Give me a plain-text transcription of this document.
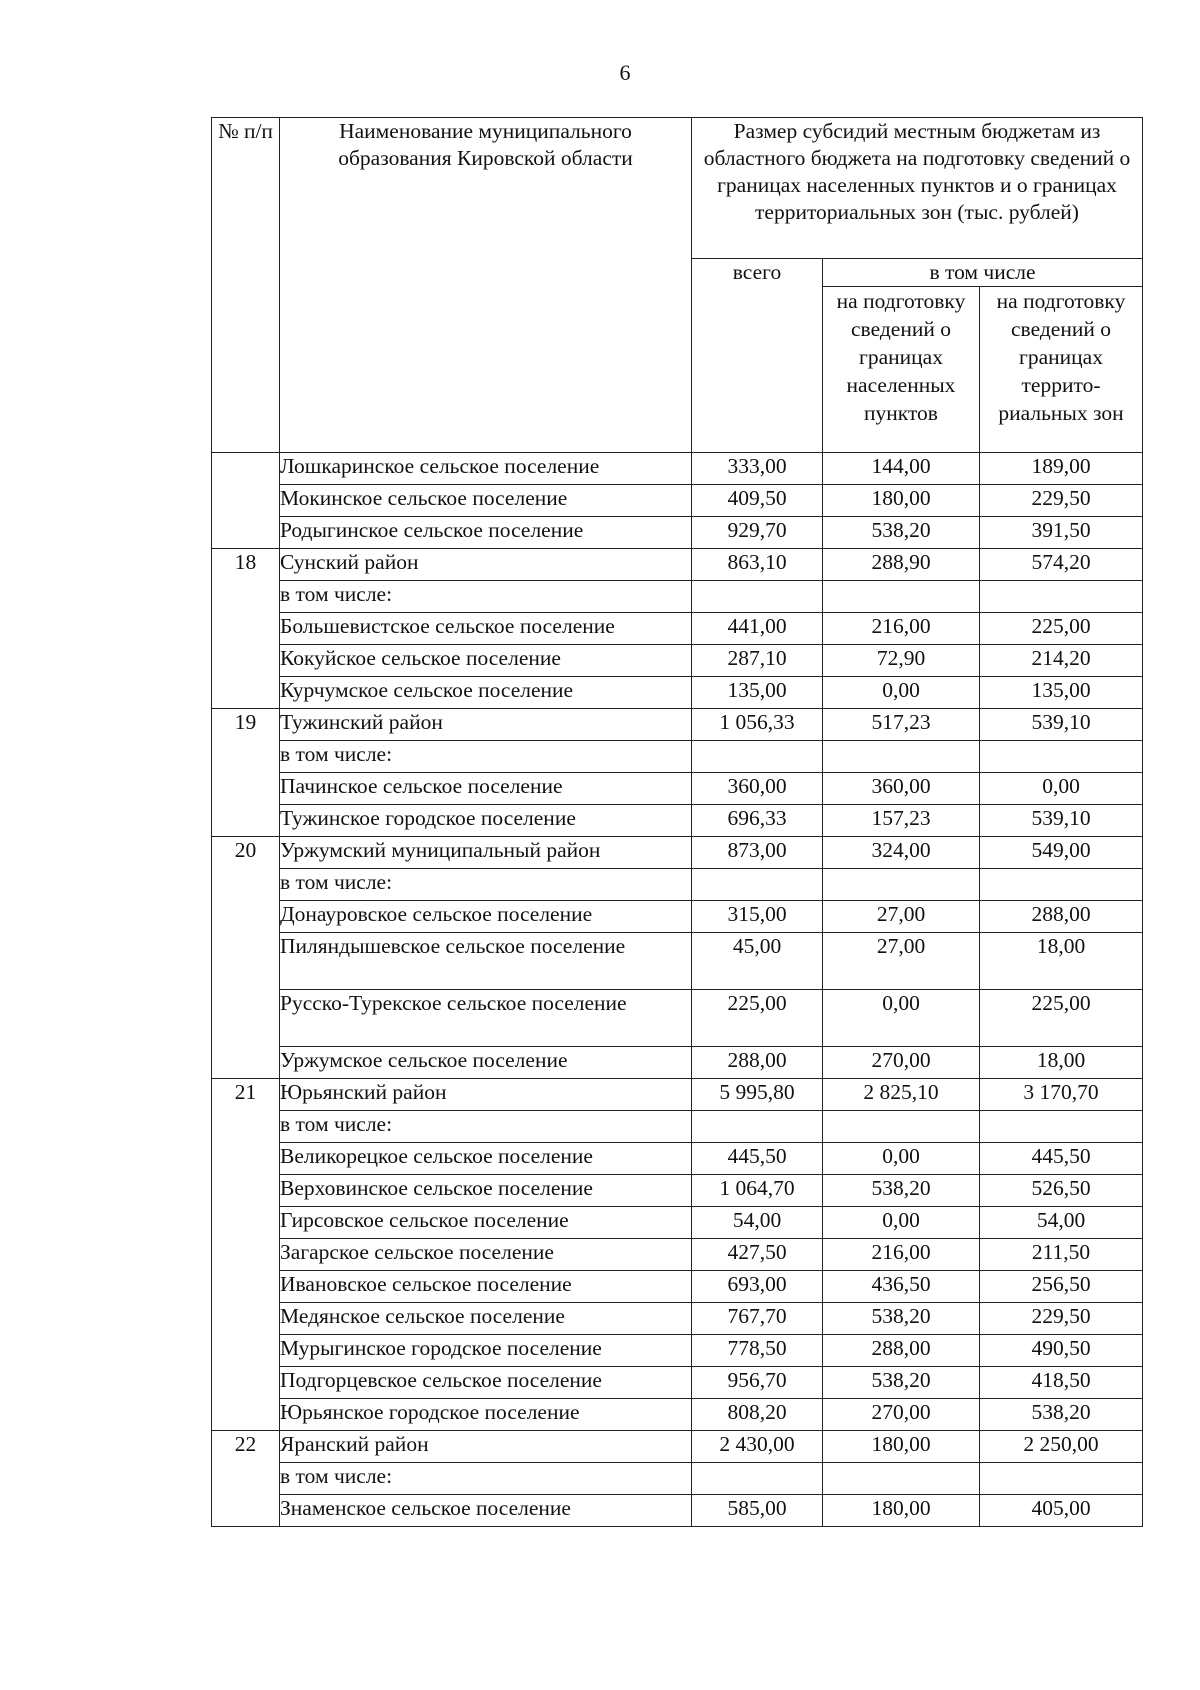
6
№ п/п	Наименование муниципального образования Кировской области	Размер субсидий местным бюджетам из областного бюджета на подготовку сведений о границах населенных пунктов и о границах территориальных зон (тыс. рублей)		
		всего	в том числе	
			на подготовку сведений о границах населенных пунктов	на подготовку сведений о границах террито-риальных зон
	Лошкаринское сельское поселение	333,00	144,00	189,00
	Мокинское сельское поселение	409,50	180,00	229,50
	Родыгинское сельское поселение	929,70	538,20	391,50
18	Сунский район	863,10	288,90	574,20
	в том числе:			
	Большевистское сельское поселение	441,00	216,00	225,00
	Кокуйское сельское поселение	287,10	72,90	214,20
	Курчумское сельское поселение	135,00	0,00	135,00
19	Тужинский район	1 056,33	517,23	539,10
	в том числе:			
	Пачинское сельское поселение	360,00	360,00	0,00
	Тужинское городское поселение	696,33	157,23	539,10
20	Уржумский муниципальный район	873,00	324,00	549,00
	в том числе:			
	Донауровское сельское поселение	315,00	27,00	288,00
	Пиляндышевское сельское поселение	45,00	27,00	18,00
	Русско-Турекское сельское поселение	225,00	0,00	225,00
	Уржумское сельское поселение	288,00	270,00	18,00
21	Юрьянский район	5 995,80	2 825,10	3 170,70
	в том числе:			
	Великорецкое сельское поселение	445,50	0,00	445,50
	Верховинское сельское поселение	1 064,70	538,20	526,50
	Гирсовское сельское поселение	54,00	0,00	54,00
	Загарское сельское поселение	427,50	216,00	211,50
	Ивановское сельское поселение	693,00	436,50	256,50
	Медянское сельское поселение	767,70	538,20	229,50
	Мурыгинское городское поселение	778,50	288,00	490,50
	Подгорцевское сельское поселение	956,70	538,20	418,50
	Юрьянское городское поселение	808,20	270,00	538,20
22	Яранский район	2 430,00	180,00	2 250,00
	в том числе:			
	Знаменское сельское поселение	585,00	180,00	405,00
